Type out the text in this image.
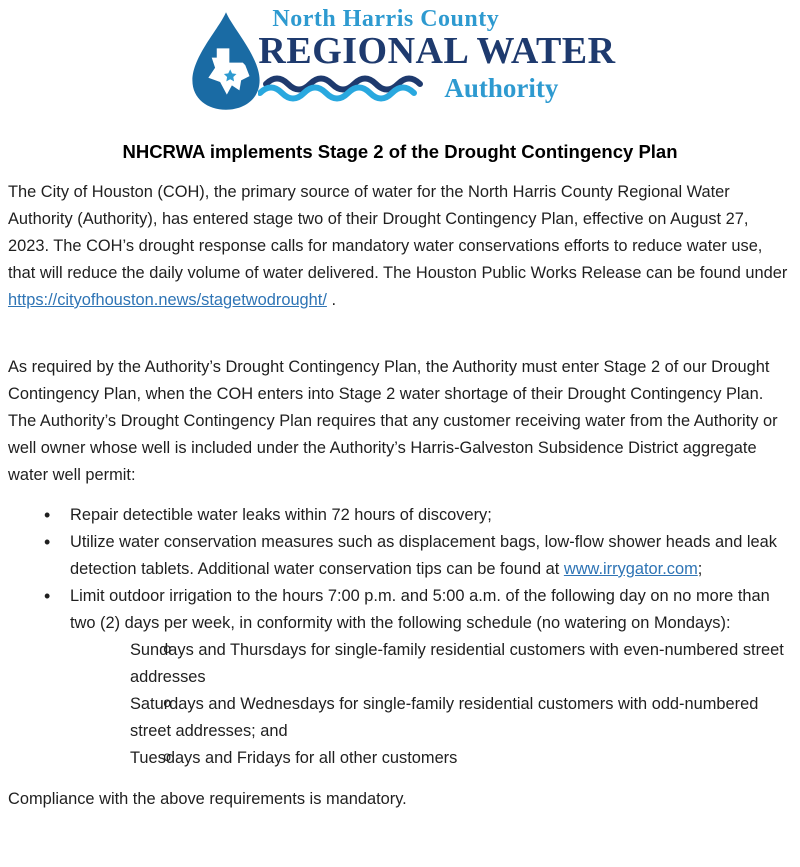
North Harris County
REGIONAL WATER
Authority
NHCRWA implements Stage 2 of the Drought Contingency Plan

The City of Houston (COH), the primary source of water for the North Harris County Regional Water Authority (Authority), has entered stage two of their Drought Contingency Plan, effective on August 27, 2023. The COH’s drought response calls for mandatory water conservations efforts to reduce water use, that will reduce the daily volume of water delivered. The Houston Public Works Release can be found under https://cityofhouston.news/stagetwodrought/ .

As required by the Authority’s Drought Contingency Plan, the Authority must enter Stage 2 of our Drought Contingency Plan, when the COH enters into Stage 2 water shortage of their Drought Contingency Plan. The Authority’s Drought Contingency Plan requires that any customer receiving water from the Authority or well owner whose well is included under the Authority’s Harris-Galveston Subsidence District aggregate water well permit:

• Repair detectible water leaks within 72 hours of discovery;
• Utilize water conservation measures such as displacement bags, low-flow shower heads and leak detection tablets. Additional water conservation tips can be found at www.irrygator.com;
• Limit outdoor irrigation to the hours 7:00 p.m. and 5:00 a.m. of the following day on no more than two (2) days per week, in conformity with the following schedule (no watering on Mondays):
o Sundays and Thursdays for single-family residential customers with even-numbered street addresses
o Saturdays and Wednesdays for single-family residential customers with odd-numbered street addresses; and
o Tuesdays and Fridays for all other customers

Compliance with the above requirements is mandatory.
